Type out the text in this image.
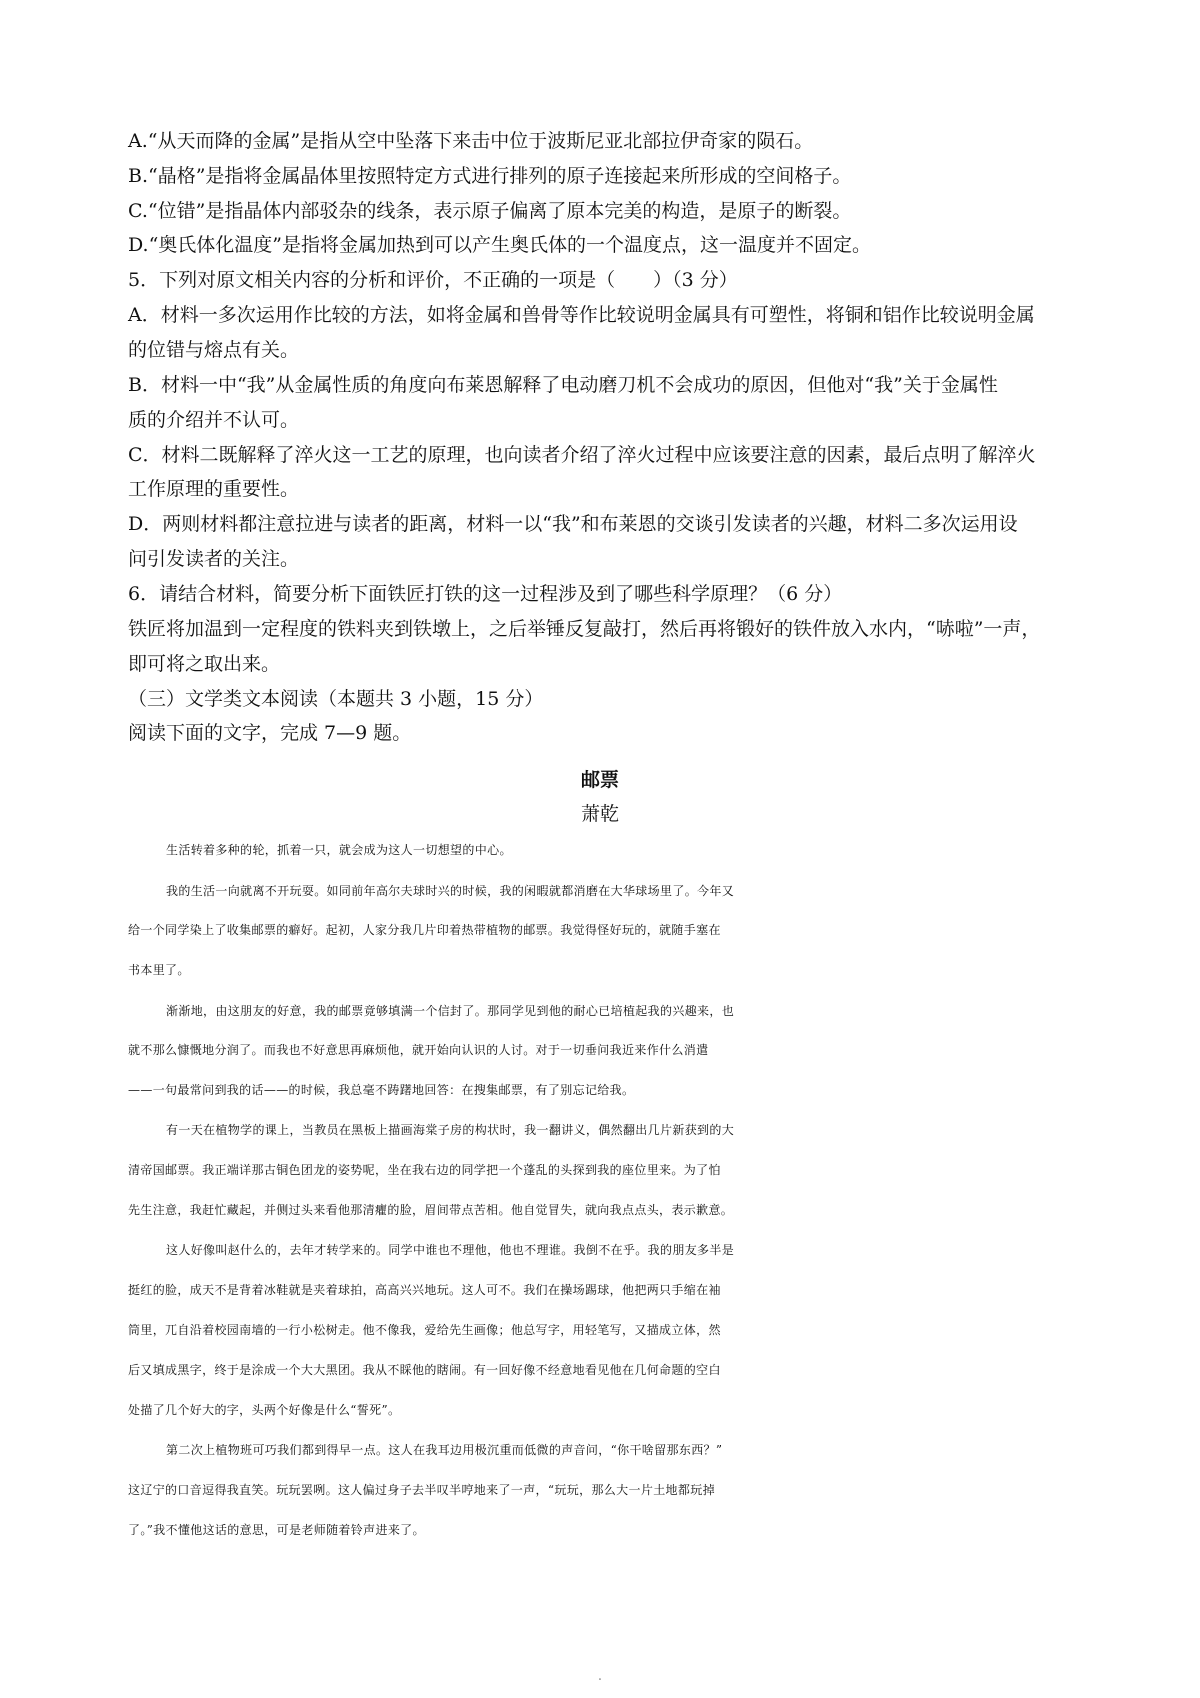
A.“从天而降的金属”是指从空中坠落下来击中位于波斯尼亚北部拉伊奇家的陨石。
B.“晶格”是指将金属晶体里按照特定方式进行排列的原子连接起来所形成的空间格子。
C.“位错”是指晶体内部驳杂的线条，表示原子偏离了原本完美的构造，是原子的断裂。
D.“奥氏体化温度”是指将金属加热到可以产生奥氏体的一个温度点，这一温度并不固定。
5．下列对原文相关内容的分析和评价，不正确的一项是（　　）（3 分）
A．材料一多次运用作比较的方法，如将金属和兽骨等作比较说明金属具有可塑性，将铜和铝作比较说明金属
的位错与熔点有关。
B．材料一中“我”从金属性质的角度向布莱恩解释了电动磨刀机不会成功的原因，但他对“我”关于金属性
质的介绍并不认可。
C．材料二既解释了淬火这一工艺的原理，也向读者介绍了淬火过程中应该要注意的因素，最后点明了解淬火
工作原理的重要性。
D．两则材料都注意拉进与读者的距离，材料一以“我”和布莱恩的交谈引发读者的兴趣，材料二多次运用设
问引发读者的关注。
6．请结合材料，简要分析下面铁匠打铁的这一过程涉及到了哪些科学原理？（6 分）
铁匠将加温到一定程度的铁料夹到铁墩上，之后举锤反复敲打，然后再将锻好的铁件放入水内，“哧啦”一声，
即可将之取出来。
（三）文学类文本阅读（本题共 3 小题，15 分）
阅读下面的文字，完成 7—9 题。
邮票
萧乾
生活转着多种的轮，抓着一只，就会成为这人一切想望的中心。
我的生活一向就离不开玩耍。如同前年高尔夫球时兴的时候，我的闲暇就都消磨在大华球场里了。今年又
给一个同学染上了收集邮票的癖好。起初，人家分我几片印着热带植物的邮票。我觉得怪好玩的，就随手塞在
书本里了。
渐渐地，由这朋友的好意，我的邮票竟够填满一个信封了。那同学见到他的耐心已培植起我的兴趣来，也
就不那么慷慨地分润了。而我也不好意思再麻烦他，就开始向认识的人讨。对于一切垂问我近来作什么消遣
——一句最常问到我的话——的时候，我总毫不踌躇地回答：在搜集邮票，有了别忘记给我。
有一天在植物学的课上，当教员在黑板上描画海棠子房的构状时，我一翻讲义，偶然翻出几片新获到的大
清帝国邮票。我正端详那古铜色团龙的姿势呢，坐在我右边的同学把一个蓬乱的头探到我的座位里来。为了怕
先生注意，我赶忙藏起，并侧过头来看他那清癯的脸，眉间带点苦相。他自觉冒失，就向我点点头，表示歉意。
这人好像叫赵什么的，去年才转学来的。同学中谁也不理他，他也不理谁。我倒不在乎。我的朋友多半是
挺红的脸，成天不是背着冰鞋就是夹着球拍，高高兴兴地玩。这人可不。我们在操场踢球，他把两只手缩在袖
筒里，兀自沿着校园南墙的一行小松树走。他不像我，爱给先生画像；他总写字，用轻笔写，又描成立体，然
后又填成黑字，终于是涂成一个大大黑团。我从不睬他的瞎闹。有一回好像不经意地看见他在几何命题的空白
处描了几个好大的字，头两个好像是什么“誓死”。
第二次上植物班可巧我们都到得早一点。这人在我耳边用极沉重而低微的声音问，“你干啥留那东西？”
这辽宁的口音逗得我直笑。玩玩罢咧。这人偏过身子去半叹半哼地来了一声，“玩玩，那么大一片土地都玩掉
了。”我不懂他这话的意思，可是老师随着铃声进来了。
·
